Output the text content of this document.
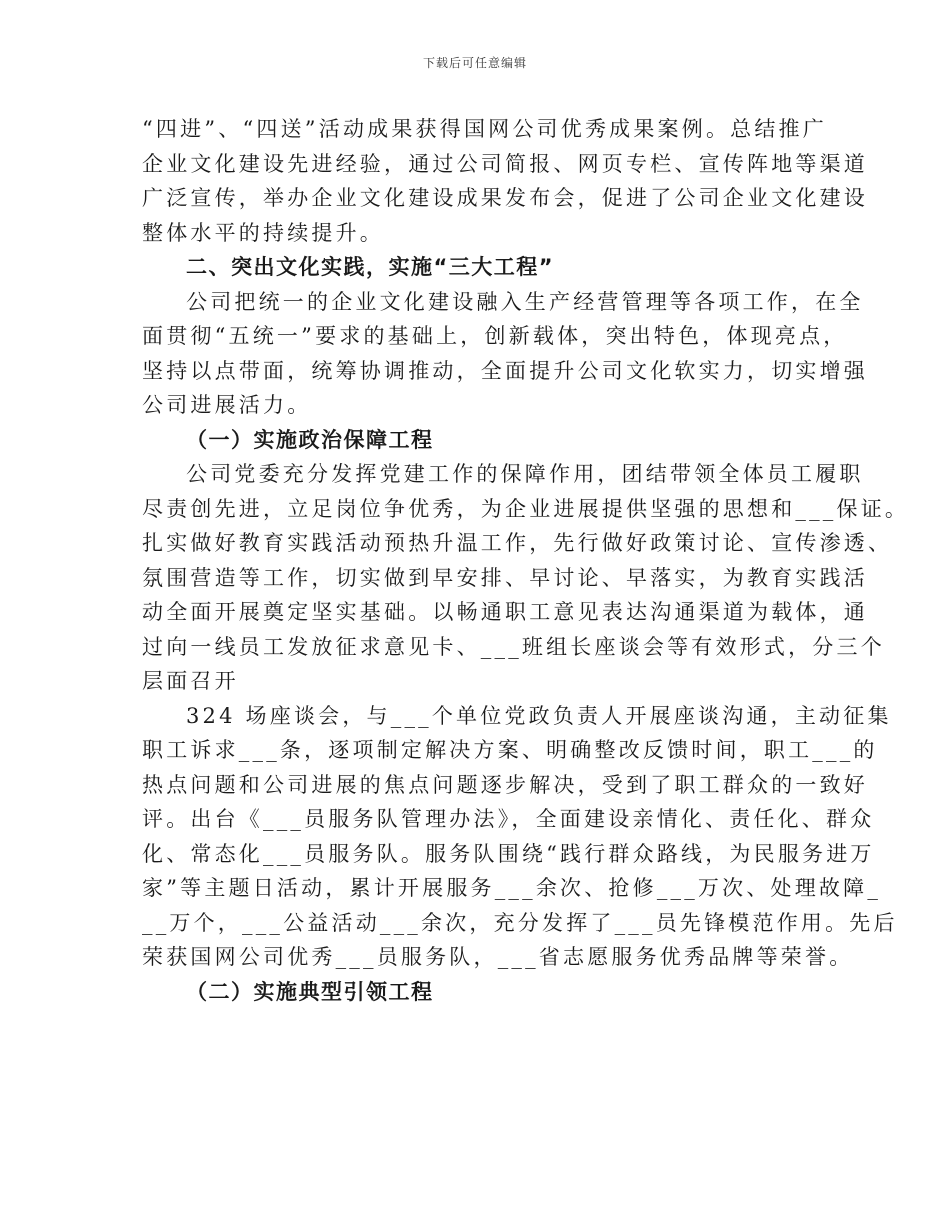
下载后可任意编辑
“四进”、“四送”活动成果获得国网公司优秀成果案例。总结推广
企业文化建设先进经验，通过公司简报、网页专栏、宣传阵地等渠道
广泛宣传，举办企业文化建设成果发布会，促进了公司企业文化建设
整体水平的持续提升。
二、突出文化实践，实施“三大工程”
公司把统一的企业文化建设融入生产经营管理等各项工作，在全
面贯彻“五统一”要求的基础上，创新载体，突出特色，体现亮点，
坚持以点带面，统筹协调推动，全面提升公司文化软实力，切实增强
公司进展活力。
（一）实施政治保障工程
公司党委充分发挥党建工作的保障作用，团结带领全体员工履职
尽责创先进，立足岗位争优秀，为企业进展提供坚强的思想和___保证。
扎实做好教育实践活动预热升温工作，先行做好政策讨论、宣传渗透、
氛围营造等工作，切实做到早安排、早讨论、早落实，为教育实践活
动全面开展奠定坚实基础。以畅通职工意见表达沟通渠道为载体，通
过向一线员工发放征求意见卡、___班组长座谈会等有效形式，分三个
层面召开
324 场座谈会，与___个单位党政负责人开展座谈沟通，主动征集
职工诉求___条，逐项制定解决方案、明确整改反馈时间，职工___的
热点问题和公司进展的焦点问题逐步解决，受到了职工群众的一致好
评。出台《___员服务队管理办法》，全面建设亲情化、责任化、群众
化、常态化___员服务队。服务队围绕“践行群众路线，为民服务进万
家”等主题日活动，累计开展服务___余次、抢修___万次、处理故障_
__万个，___公益活动___余次，充分发挥了___员先锋模范作用。先后
荣获国网公司优秀___员服务队，___省志愿服务优秀品牌等荣誉。
（二）实施典型引领工程
